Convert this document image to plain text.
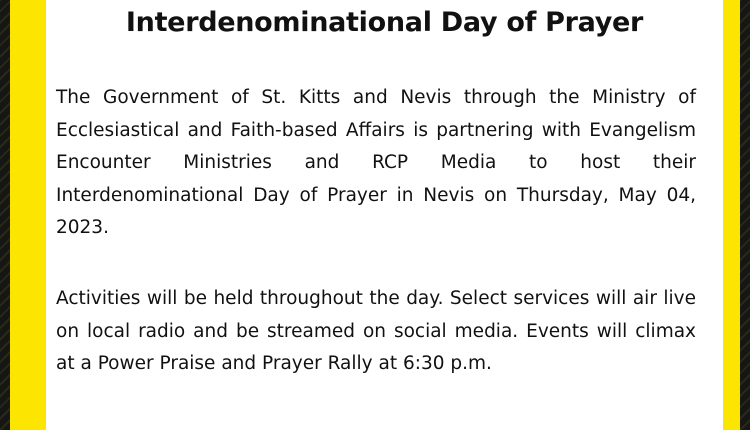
Interdenominational Day of Prayer

The Government of St. Kitts and Nevis through the Ministry of Ecclesiastical and Faith-based Affairs is partnering with Evangelism Encounter Ministries and RCP Media to host their Interdenominational Day of Prayer in Nevis on Thursday, May 04, 2023.

Activities will be held throughout the day. Select services will air live on local radio and be streamed on social media. Events will climax at a Power Praise and Prayer Rally at 6:30 p.m.
